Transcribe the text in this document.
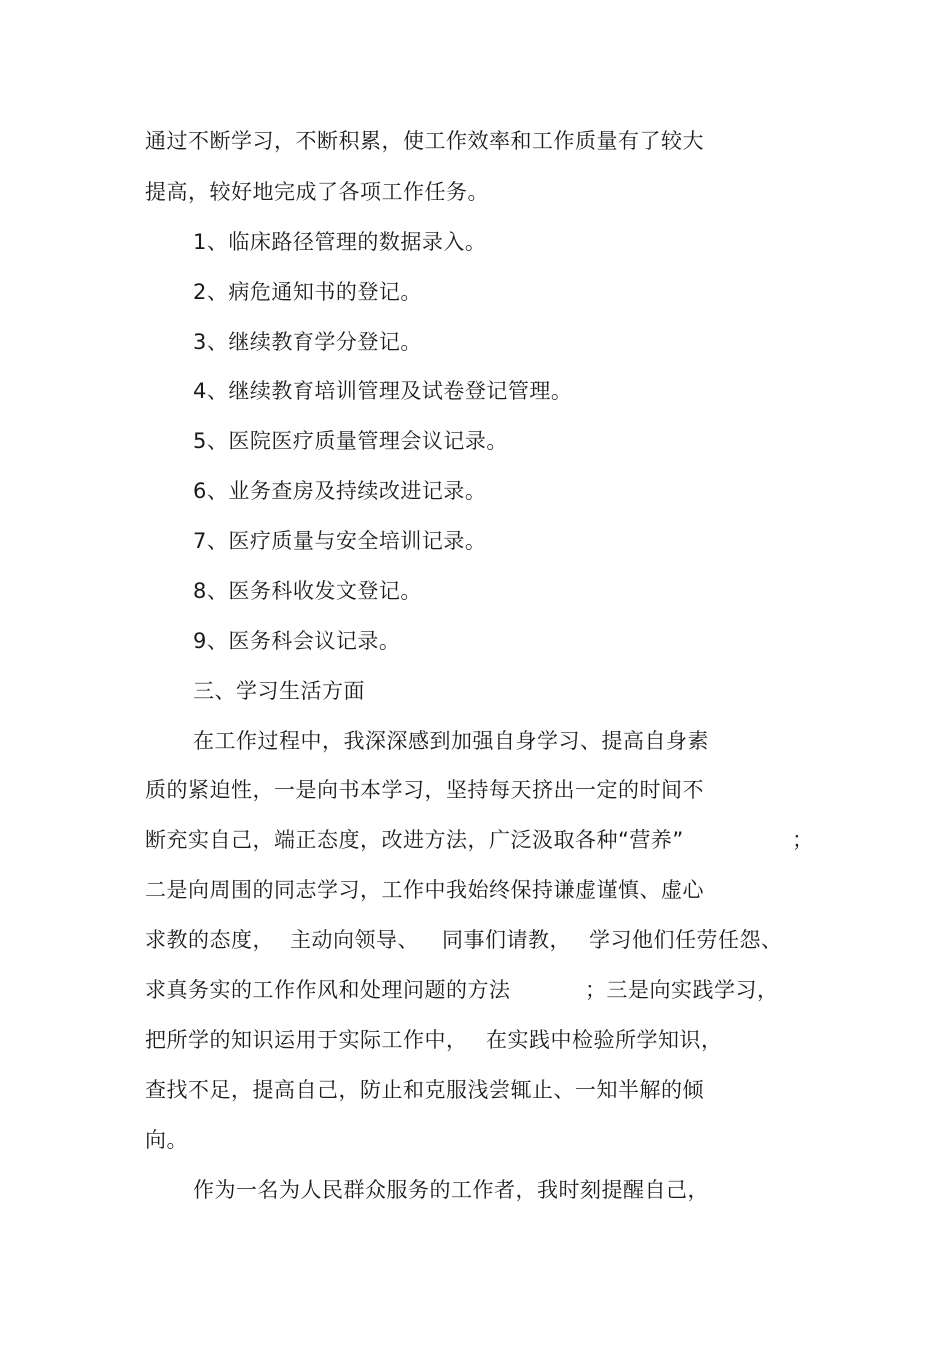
通过不断学习，不断积累，使工作效率和工作质量有了较大
提高，较好地完成了各项工作任务。
1、临床路径管理的数据录入。
2、病危通知书的登记。
3、继续教育学分登记。
4、继续教育培训管理及试卷登记管理。
5、医院医疗质量管理会议记录。
6、业务查房及持续改进记录。
7、医疗质量与安全培训记录。
8、医务科收发文登记。
9、医务科会议记录。
三、学习生活方面
在工作过程中，我深深感到加强自身学习、提高自身素
质的紧迫性，一是向书本学习，坚持每天挤出一定的时间不
断充实自己，端正态度，改进方法，广泛汲取各种“营养”	；
二是向周围的同志学习，工作中我始终保持谦虚谨慎、虚心
求教的态度， 主动向领导、 同事们请教， 学习他们任劳任怨、
求真务实的工作作风和处理问题的方法	；三是向实践学习，
把所学的知识运用于实际工作中， 在实践中检验所学知识，
查找不足，提高自己，防止和克服浅尝辄止、一知半解的倾
向。
作为一名为人民群众服务的工作者，我时刻提醒自己，
